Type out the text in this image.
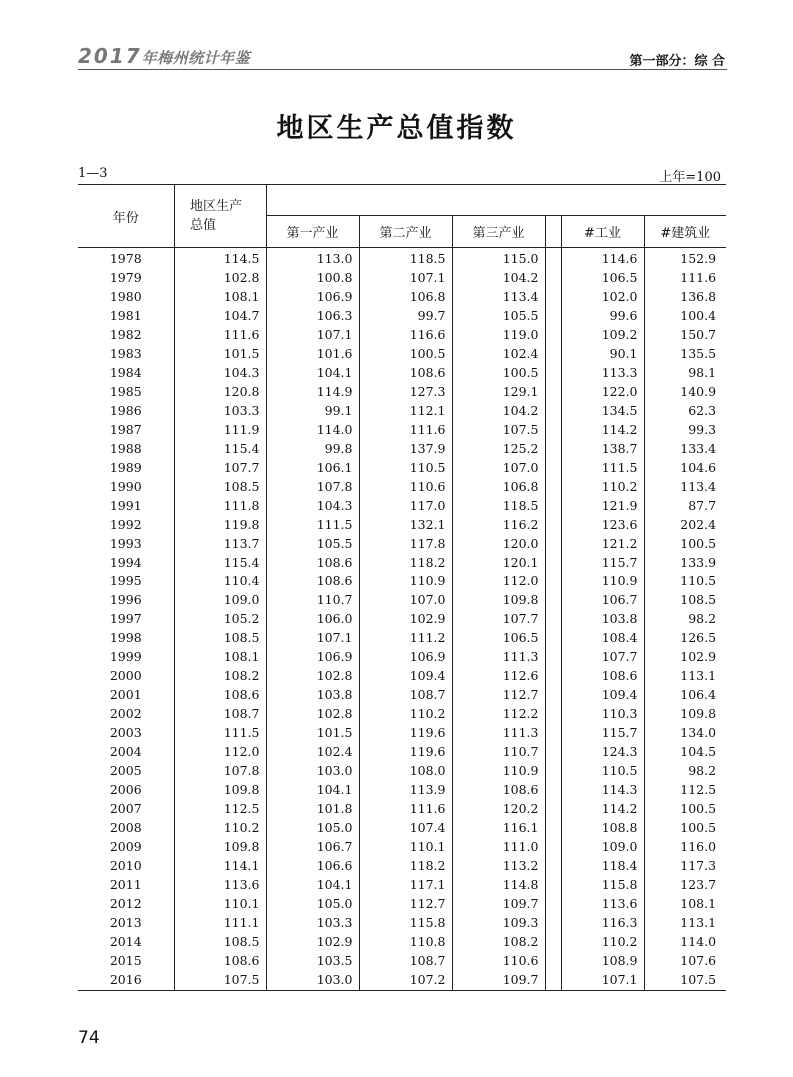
2017年梅州统计年鉴	第一部分：综 合
地区生产总值指数
1—3	上年=100
年份	地区生产总值						

		第一产业	第二产业	第三产业		#工业	#建筑业
1978	114.5	113.0	118.5	115.0		114.6	152.9
1979	102.8	100.8	107.1	104.2		106.5	111.6
1980	108.1	106.9	106.8	113.4		102.0	136.8
1981	104.7	106.3	99.7	105.5		99.6	100.4
1982	111.6	107.1	116.6	119.0		109.2	150.7
1983	101.5	101.6	100.5	102.4		90.1	135.5
1984	104.3	104.1	108.6	100.5		113.3	98.1
1985	120.8	114.9	127.3	129.1		122.0	140.9
1986	103.3	99.1	112.1	104.2		134.5	62.3
1987	111.9	114.0	111.6	107.5		114.2	99.3
1988	115.4	99.8	137.9	125.2		138.7	133.4
1989	107.7	106.1	110.5	107.0		111.5	104.6
1990	108.5	107.8	110.6	106.8		110.2	113.4
1991	111.8	104.3	117.0	118.5		121.9	87.7
1992	119.8	111.5	132.1	116.2		123.6	202.4
1993	113.7	105.5	117.8	120.0		121.2	100.5
1994	115.4	108.6	118.2	120.1		115.7	133.9
1995	110.4	108.6	110.9	112.0		110.9	110.5
1996	109.0	110.7	107.0	109.8		106.7	108.5
1997	105.2	106.0	102.9	107.7		103.8	98.2
1998	108.5	107.1	111.2	106.5		108.4	126.5
1999	108.1	106.9	106.9	111.3		107.7	102.9
2000	108.2	102.8	109.4	112.6		108.6	113.1
2001	108.6	103.8	108.7	112.7		109.4	106.4
2002	108.7	102.8	110.2	112.2		110.3	109.8
2003	111.5	101.5	119.6	111.3		115.7	134.0
2004	112.0	102.4	119.6	110.7		124.3	104.5
2005	107.8	103.0	108.0	110.9		110.5	98.2
2006	109.8	104.1	113.9	108.6		114.3	112.5
2007	112.5	101.8	111.6	120.2		114.2	100.5
2008	110.2	105.0	107.4	116.1		108.8	100.5
2009	109.8	106.7	110.1	111.0		109.0	116.0
2010	114.1	106.6	118.2	113.2		118.4	117.3
2011	113.6	104.1	117.1	114.8		115.8	123.7
2012	110.1	105.0	112.7	109.7		113.6	108.1
2013	111.1	103.3	115.8	109.3		116.3	113.1
2014	108.5	102.9	110.8	108.2		110.2	114.0
2015	108.6	103.5	108.7	110.6		108.9	107.6
2016	107.5	103.0	107.2	109.7		107.1	107.5
74
